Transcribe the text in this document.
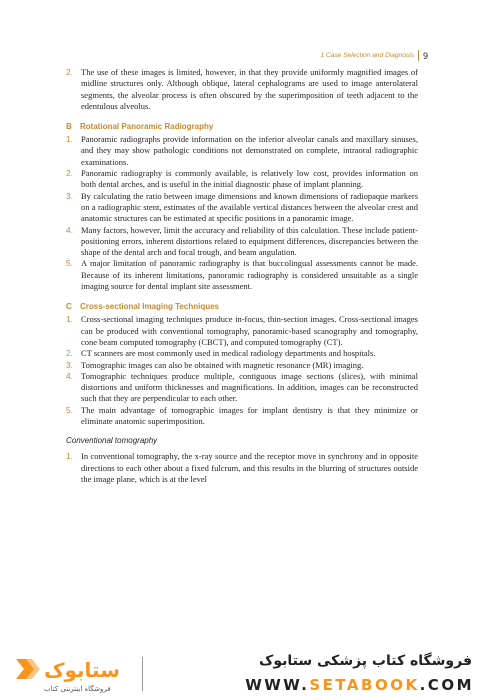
1 Case Selection and Diagnosis 9

2. The use of these images is limited, however, in that they provide uniformly magnified images of midline structures only. Although oblique, lateral cephalograms are used to image anterolateral segments, the alveolar process is often obscured by the superimposition of teeth adjacent to the edentulous alveolus.

B Rotational Panoramic Radiography

1. Panoramic radiographs provide information on the inferior alveolar canals and maxillary sinuses, and they may show pathologic conditions not demonstrated on complete, intraoral radiographic examinations.

2. Panoramic radiography is commonly available, is relatively low cost, provides information on both dental arches, and is useful in the initial diagnostic phase of implant planning.

3. By calculating the ratio between image dimensions and known dimensions of radiopaque markers on a radiographic stent, estimates of the available vertical distances between the alveolar crest and anatomic structures can be estimated at specific positions in a panoramic image.

4. Many factors, however, limit the accuracy and reliability of this calculation. These include patient-positioning errors, inherent distortions related to equipment differences, discrepancies between the shape of the dental arch and focal trough, and beam angulation.

5. A major limitation of panoramic radiography is that buccolingual assessments cannot be made. Because of its inherent limitations, panoramic radiography is considered unsuitable as a single imaging source for dental implant site assessment.

C Cross-sectional Imaging Techniques

1. Cross-sectional imaging techniques produce in-focus, thin-section images. Cross-sectional images can be produced with conventional tomography, panoramic-based scanography and tomography, cone beam computed tomography (CBCT), and computed tomography (CT).

2. CT scanners are most commonly used in medical radiology departments and hospitals.

3. Tomographic images can also be obtained with magnetic resonance (MR) imaging.

4. Tomographic techniques produce multiple, contiguous image sections (slices), with minimal distortions and uniform thicknesses and magnifications. In addition, images can be reconstructed such that they are perpendicular to each other.

5. The main advantage of tomographic images for implant dentistry is that they minimize or eliminate anatomic superimposition.

Conventional tomography

1. In conventional tomography, the x-ray source and the receptor move in synchrony and in opposite directions to each other about a fixed fulcrum, and this results in the blurring of structures outside the image plane, which is at the level

ستابوک
فروشگاه اینترنتی کتاب
فروشگاه کتاب پزشکی ستابوک
WWW.SETABOOK.COM
